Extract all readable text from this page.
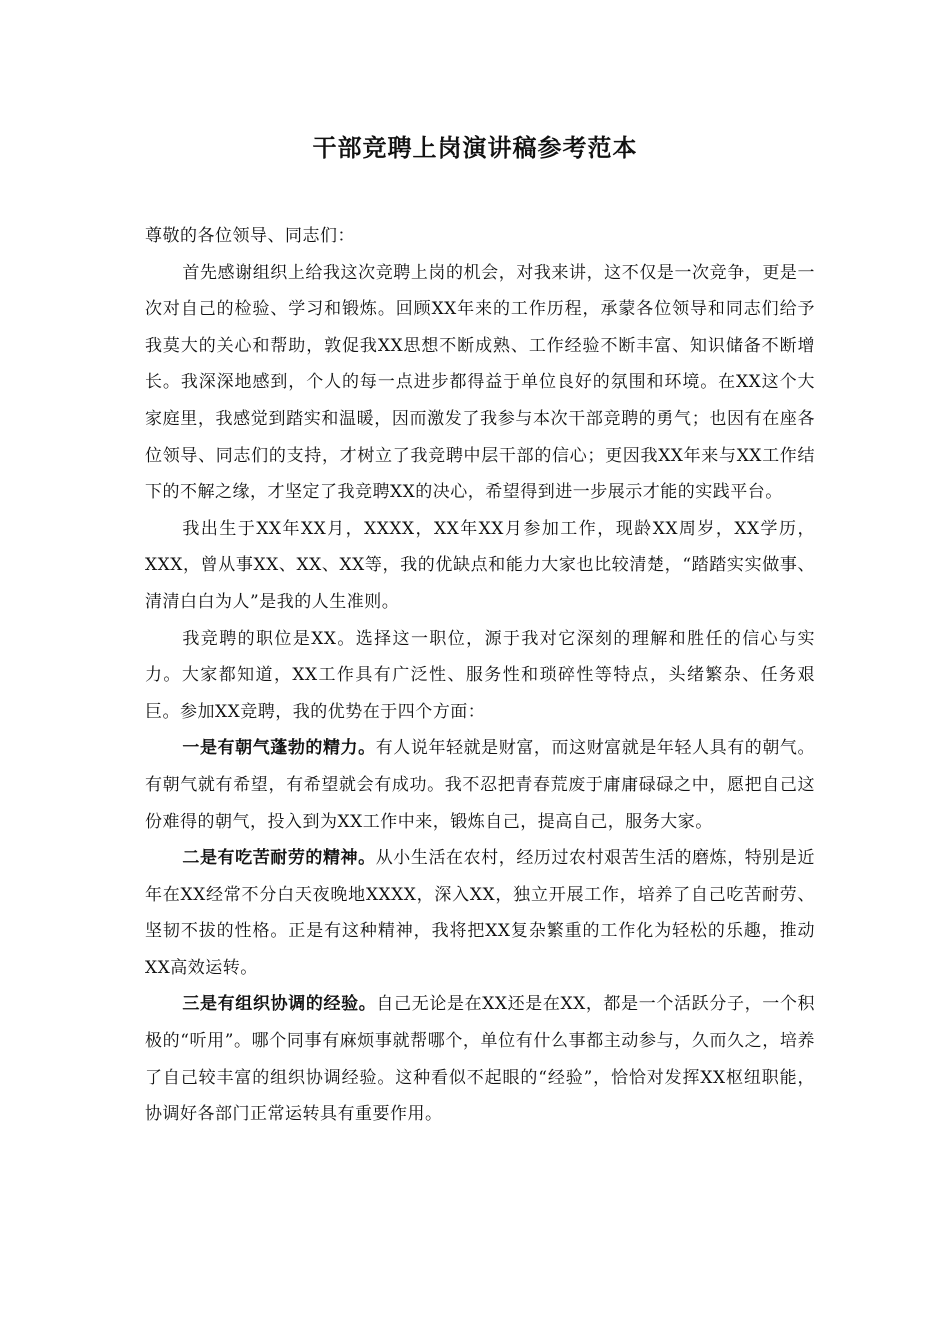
干部竞聘上岗演讲稿参考范本

尊敬的各位领导、同志们：

首先感谢组织上给我这次竞聘上岗的机会，对我来讲，这不仅是一次竞争，更是一次对自己的检验、学习和锻炼。回顾XX年来的工作历程，承蒙各位领导和同志们给予我莫大的关心和帮助，敦促我XX思想不断成熟、工作经验不断丰富、知识储备不断增长。我深深地感到，个人的每一点进步都得益于单位良好的氛围和环境。在XX这个大家庭里，我感觉到踏实和温暖，因而激发了我参与本次干部竞聘的勇气；也因有在座各位领导、同志们的支持，才树立了我竞聘中层干部的信心；更因我XX年来与XX工作结下的不解之缘，才坚定了我竞聘XX的决心，希望得到进一步展示才能的实践平台。

我出生于XX年XX月，XXXX，XX年XX月参加工作，现龄XX周岁，XX学历，XXX，曾从事XX、XX、XX等，我的优缺点和能力大家也比较清楚，“踏踏实实做事、清清白白为人”是我的人生准则。

我竞聘的职位是XX。选择这一职位，源于我对它深刻的理解和胜任的信心与实力。大家都知道，XX工作具有广泛性、服务性和琐碎性等特点，头绪繁杂、任务艰巨。参加XX竞聘，我的优势在于四个方面：

一是有朝气蓬勃的精力。有人说年轻就是财富，而这财富就是年轻人具有的朝气。有朝气就有希望，有希望就会有成功。我不忍把青春荒废于庸庸碌碌之中，愿把自己这份难得的朝气，投入到为XX工作中来，锻炼自己，提高自己，服务大家。

二是有吃苦耐劳的精神。从小生活在农村，经历过农村艰苦生活的磨炼，特别是近年在XX经常不分白天夜晚地XXXX，深入XX，独立开展工作，培养了自己吃苦耐劳、坚韧不拔的性格。正是有这种精神，我将把XX复杂繁重的工作化为轻松的乐趣，推动XX高效运转。

三是有组织协调的经验。自己无论是在XX还是在XX，都是一个活跃分子，一个积极的“听用”。哪个同事有麻烦事就帮哪个，单位有什么事都主动参与，久而久之，培养了自己较丰富的组织协调经验。这种看似不起眼的“经验”，恰恰对发挥XX枢纽职能，协调好各部门正常运转具有重要作用。
